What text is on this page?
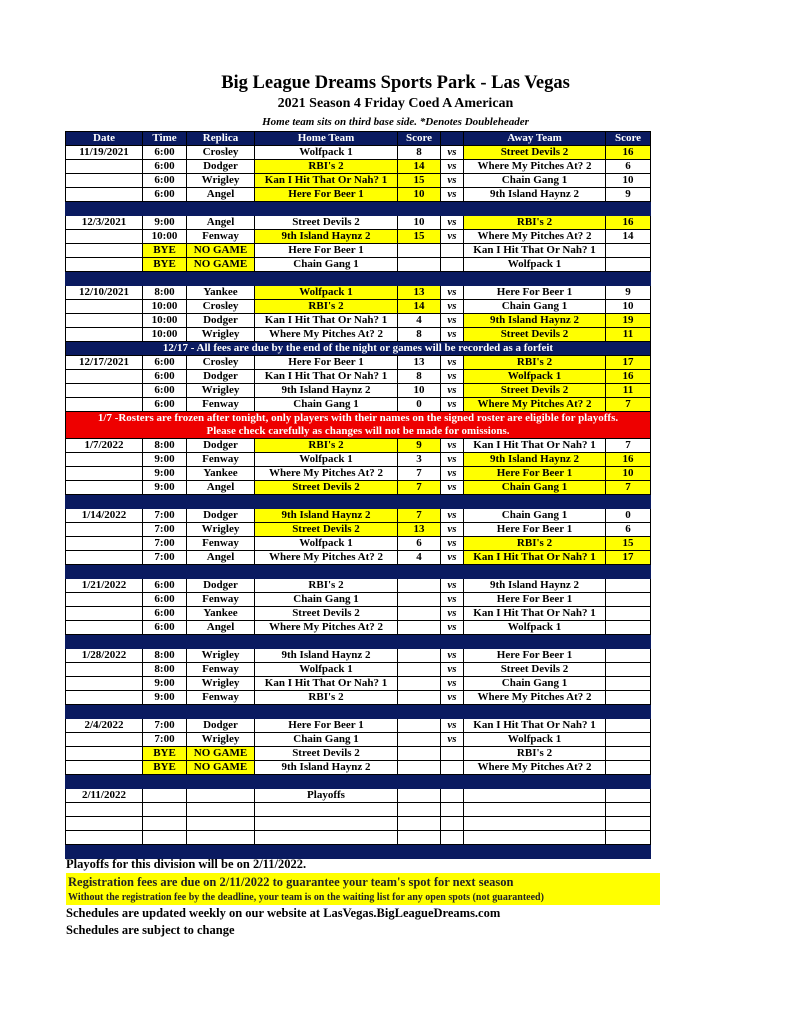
Big League Dreams Sports Park - Las Vegas
2021 Season 4 Friday Coed A American
Home team sits on third base side. *Denotes Doubleheader
Date	Time	Replica	Home Team	Score		Away Team	Score
11/19/2021	6:00	Crosley	Wolfpack 1	8	vs	Street Devils 2	16
	6:00	Dodger	RBI's 2	14	vs	Where My Pitches At? 2	6
	6:00	Wrigley	Kan I Hit That Or Nah? 1	15	vs	Chain Gang 1	10
	6:00	Angel	Here For Beer 1	10	vs	9th Island Haynz 2	9

12/3/2021	9:00	Angel	Street Devils 2	10	vs	RBI's 2	16
	10:00	Fenway	9th Island Haynz 2	15	vs	Where My Pitches At? 2	14
	BYE	NO GAME	Here For Beer 1			Kan I Hit That Or Nah? 1	
	BYE	NO GAME	Chain Gang 1			Wolfpack 1	

12/10/2021	8:00	Yankee	Wolfpack 1	13	vs	Here For Beer 1	9
	10:00	Crosley	RBI's 2	14	vs	Chain Gang 1	10
	10:00	Dodger	Kan I Hit That Or Nah? 1	4	vs	9th Island Haynz 2	19
	10:00	Wrigley	Where My Pitches At? 2	8	vs	Street Devils 2	11
12/17 - All fees are due by the end of the night or games will be recorded as a forfeit							
12/17/2021	6:00	Crosley	Here For Beer 1	13	vs	RBI's 2	17
	6:00	Dodger	Kan I Hit That Or Nah? 1	8	vs	Wolfpack 1	16
	6:00	Wrigley	9th Island Haynz 2	10	vs	Street Devils 2	11
	6:00	Fenway	Chain Gang 1	0	vs	Where My Pitches At? 2	7

1/7 -Rosters are frozen after tonight, only players with their names on the signed roster are eligible for playoffs.
Please check carefully as changes will not be made for omissions.							

1/7/2022	8:00	Dodger	RBI's 2	9	vs	Kan I Hit That Or Nah? 1	7
	9:00	Fenway	Wolfpack 1	3	vs	9th Island Haynz 2	16
	9:00	Yankee	Where My Pitches At? 2	7	vs	Here For Beer 1	10
	9:00	Angel	Street Devils 2	7	vs	Chain Gang 1	7

1/14/2022	7:00	Dodger	9th Island Haynz 2	7	vs	Chain Gang 1	0
	7:00	Wrigley	Street Devils 2	13	vs	Here For Beer 1	6
	7:00	Fenway	Wolfpack 1	6	vs	RBI's 2	15
	7:00	Angel	Where My Pitches At? 2	4	vs	Kan I Hit That Or Nah? 1	17

1/21/2022	6:00	Dodger	RBI's 2		vs	9th Island Haynz 2	
	6:00	Fenway	Chain Gang 1		vs	Here For Beer 1	
	6:00	Yankee	Street Devils 2		vs	Kan I Hit That Or Nah? 1	
	6:00	Angel	Where My Pitches At? 2		vs	Wolfpack 1	

1/28/2022	8:00	Wrigley	9th Island Haynz 2		vs	Here For Beer 1	
	8:00	Fenway	Wolfpack 1		vs	Street Devils 2	
	9:00	Wrigley	Kan I Hit That Or Nah? 1		vs	Chain Gang 1	
	9:00	Fenway	RBI's 2		vs	Where My Pitches At? 2	

2/4/2022	7:00	Dodger	Here For Beer 1		vs	Kan I Hit That Or Nah? 1	
	7:00	Wrigley	Chain Gang 1		vs	Wolfpack 1	
	BYE	NO GAME	Street Devils 2			RBI's 2	
	BYE	NO GAME	9th Island Haynz 2			Where My Pitches At? 2	

2/11/2022			Playoffs				

Playoffs for this division will be on 2/11/2022.
Registration fees are due on 2/11/2022 to guarantee your team's spot for next season
Without the registration fee by the deadline, your team is on the waiting list for any open spots (not guaranteed)
Schedules are updated weekly on our website at LasVegas.BigLeagueDreams.com
Schedules are subject to change
